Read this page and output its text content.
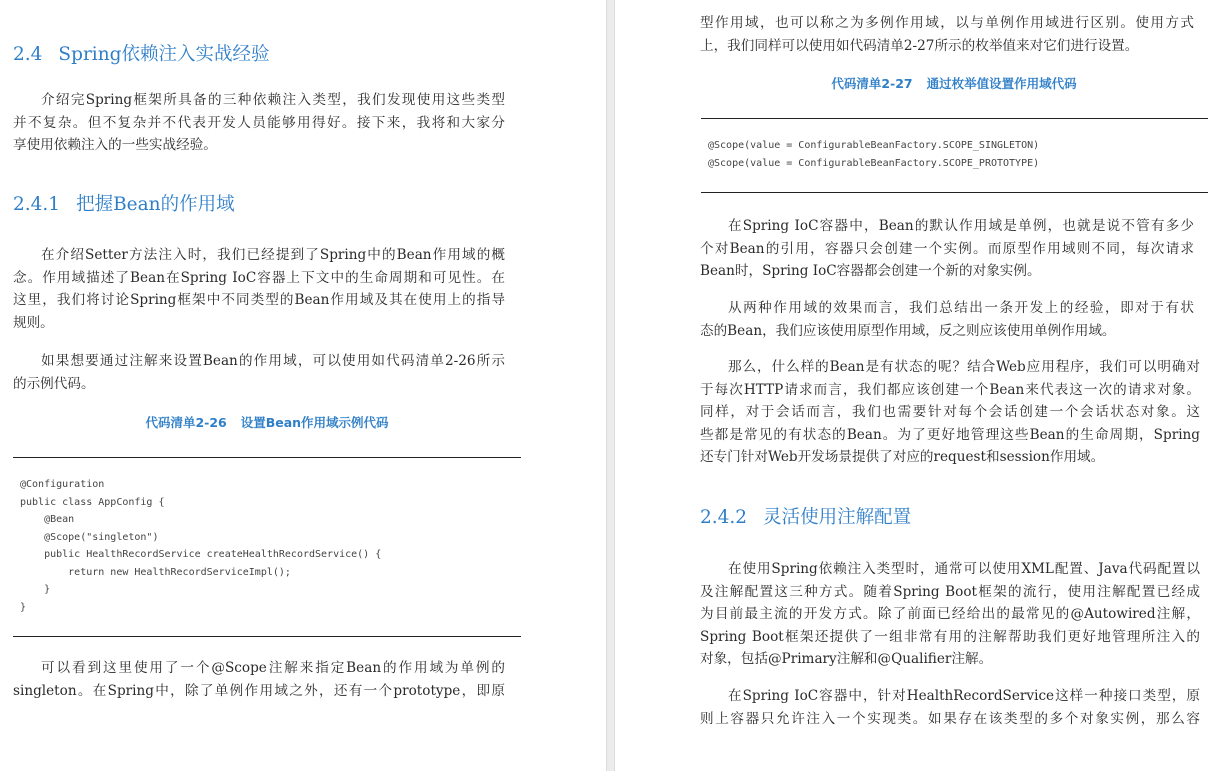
2.4 Spring依赖注入实战经验
介绍完Spring框架所具备的三种依赖注入类型，我们发现使用这些类型
并不复杂。但不复杂并不代表开发人员能够用得好。接下来，我将和大家分
享使用依赖注入的一些实战经验。
2.4.1 把握Bean的作用域
在介绍Setter方法注入时，我们已经提到了Spring中的Bean作用域的概
念。作用域描述了Bean在Spring IoC容器上下文中的生命周期和可见性。在
这里，我们将讨论Spring框架中不同类型的Bean作用域及其在使用上的指导
规则。
如果想要通过注解来设置Bean的作用域，可以使用如代码清单2-26所示
的示例代码。
代码清单2-26 设置Bean作用域示例代码
@Configuration
public class AppConfig {
@Bean
@Scope("singleton")
public HealthRecordService createHealthRecordService() {
return new HealthRecordServiceImpl();
}
}
可以看到这里使用了一个@Scope注解来指定Bean的作用域为单例的
singleton。在Spring中，除了单例作用域之外，还有一个prototype，即原
型作用域，也可以称之为多例作用域，以与单例作用域进行区别。使用方式
上，我们同样可以使用如代码清单2-27所示的枚举值来对它们进行设置。
代码清单2-27 通过枚举值设置作用域代码
@Scope(value = ConfigurableBeanFactory.SCOPE_SINGLETON)
@Scope(value = ConfigurableBeanFactory.SCOPE_PROTOTYPE)
在Spring IoC容器中，Bean的默认作用域是单例，也就是说不管有多少
个对Bean的引用，容器只会创建一个实例。而原型作用域则不同，每次请求
Bean时，Spring IoC容器都会创建一个新的对象实例。
从两种作用域的效果而言，我们总结出一条开发上的经验，即对于有状
态的Bean，我们应该使用原型作用域，反之则应该使用单例作用域。
那么，什么样的Bean是有状态的呢？结合Web应用程序，我们可以明确对
于每次HTTP请求而言，我们都应该创建一个Bean来代表这一次的请求对象。
同样，对于会话而言，我们也需要针对每个会话创建一个会话状态对象。这
些都是常见的有状态的Bean。为了更好地管理这些Bean的生命周期，Spring
还专门针对Web开发场景提供了对应的request和session作用域。
2.4.2 灵活使用注解配置
在使用Spring依赖注入类型时，通常可以使用XML配置、Java代码配置以
及注解配置这三种方式。随着Spring Boot框架的流行，使用注解配置已经成
为目前最主流的开发方式。除了前面已经给出的最常见的@Autowired注解，
Spring Boot框架还提供了一组非常有用的注解帮助我们更好地管理所注入的
对象，包括@Primary注解和@Qualifier注解。
在Spring IoC容器中，针对HealthRecordService这样一种接口类型，原
则上容器只允许注入一个实现类。如果存在该类型的多个对象实例，那么容
